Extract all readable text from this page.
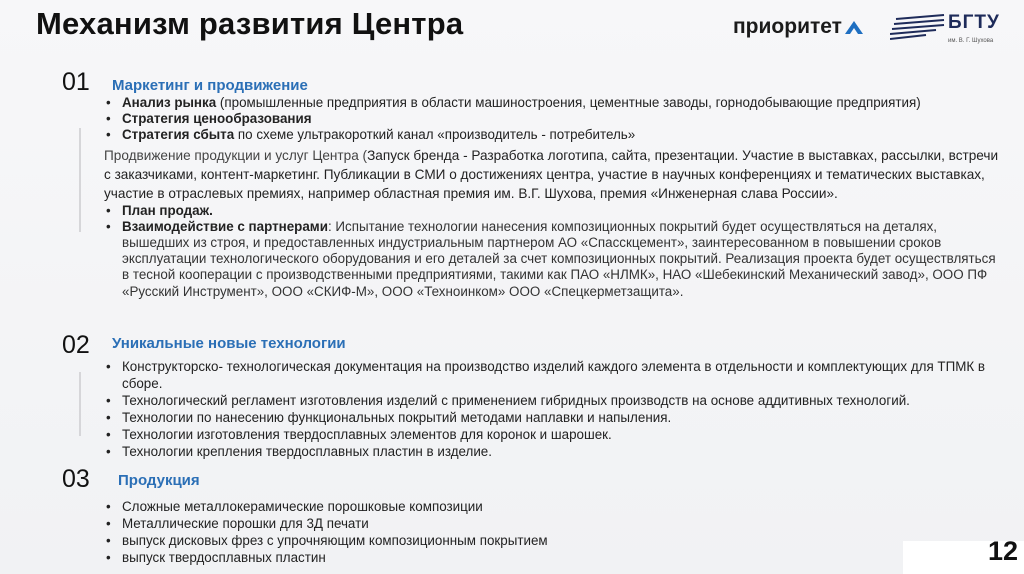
Механизм развития Центра	приоритет	БГТУ
им. В. Г. Шухова
01 Маркетинг и продвижение
• Анализ рынка (промышленные предприятия в области машиностроения, цементные заводы, горнодобывающие предприятия)
• Стратегия ценообразования
• Стратегия сбыта по схеме ультракороткий канал «производитель - потребитель»
Продвижение продукции и услуг Центра (Запуск бренда - Разработка логотипа, сайта, презентации. Участие в выставках, рассылки, встречи с заказчиками, контент-маркетинг. Публикации в СМИ о достижениях центра, участие в научных конференциях и тематических выставках, участие в отраслевых премиях, например областная премия им. В.Г. Шухова, премия «Инженерная слава России».
• План продаж.
• Взаимодействие с партнерами: Испытание технологии нанесения композиционных покрытий будет осуществляться на деталях, вышедших из строя, и предоставленных индустриальным партнером АО «Спасскцемент», заинтересованном в повышении сроков эксплуатации технологического оборудования и его деталей за счет композиционных покрытий. Реализация проекта будет осуществляться в тесной кооперации с производственными предприятиями, такими как ПАО «НЛМК», НАО «Шебекинский Механический завод», ООО ПФ «Русский Инструмент», ООО «СКИФ-М», ООО «Техноинком» ООО «Спецкерметзащита».
02 Уникальные новые технологии
• Конструкторско- технологическая документация на производство изделий каждого элемента в отдельности и комплектующих для ТПМК в сборе.
• Технологический регламент изготовления изделий с применением гибридных производств на основе аддитивных технологий.
• Технологии по нанесению функциональных покрытий методами наплавки и напыления.
• Технологии изготовления твердосплавных элементов для коронок и шарошек.
• Технологии крепления твердосплавных пластин в изделие.
03 Продукция
• Сложные металлокерамические порошковые композиции
• Металлические порошки для 3Д печати
• выпуск дисковых фрез с упрочняющим композиционным покрытием
• выпуск твердосплавных пластин	12
